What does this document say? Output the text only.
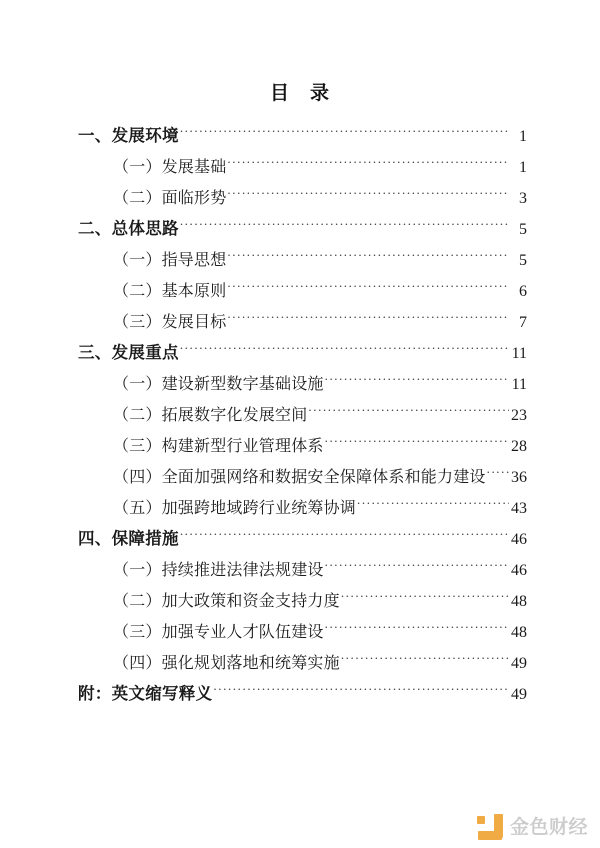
目　录
一、发展环境 .....	1
（一）发展基础 .....	1
（二）面临形势 .....	3
二、总体思路 .....	5
（一）指导思想 .....	5
（二）基本原则 .....	6
（三）发展目标 .....	7
三、发展重点 .....	11
（一）建设新型数字基础设施 .....	11
（二）拓展数字化发展空间 .....	23
（三）构建新型行业管理体系 .....	28
（四）全面加强网络和数据安全保障体系和能力建设 ..... 36
（五）加强跨地域跨行业统筹协调 .....	43
四、保障措施 .....	46
（一）持续推进法律法规建设 .....	46
（二）加大政策和资金支持力度 .....	48
（三）加强专业人才队伍建设 .....	48
（四）强化规划落地和统筹实施 .....	49
附：英文缩写释义 .....	49
金色财经
